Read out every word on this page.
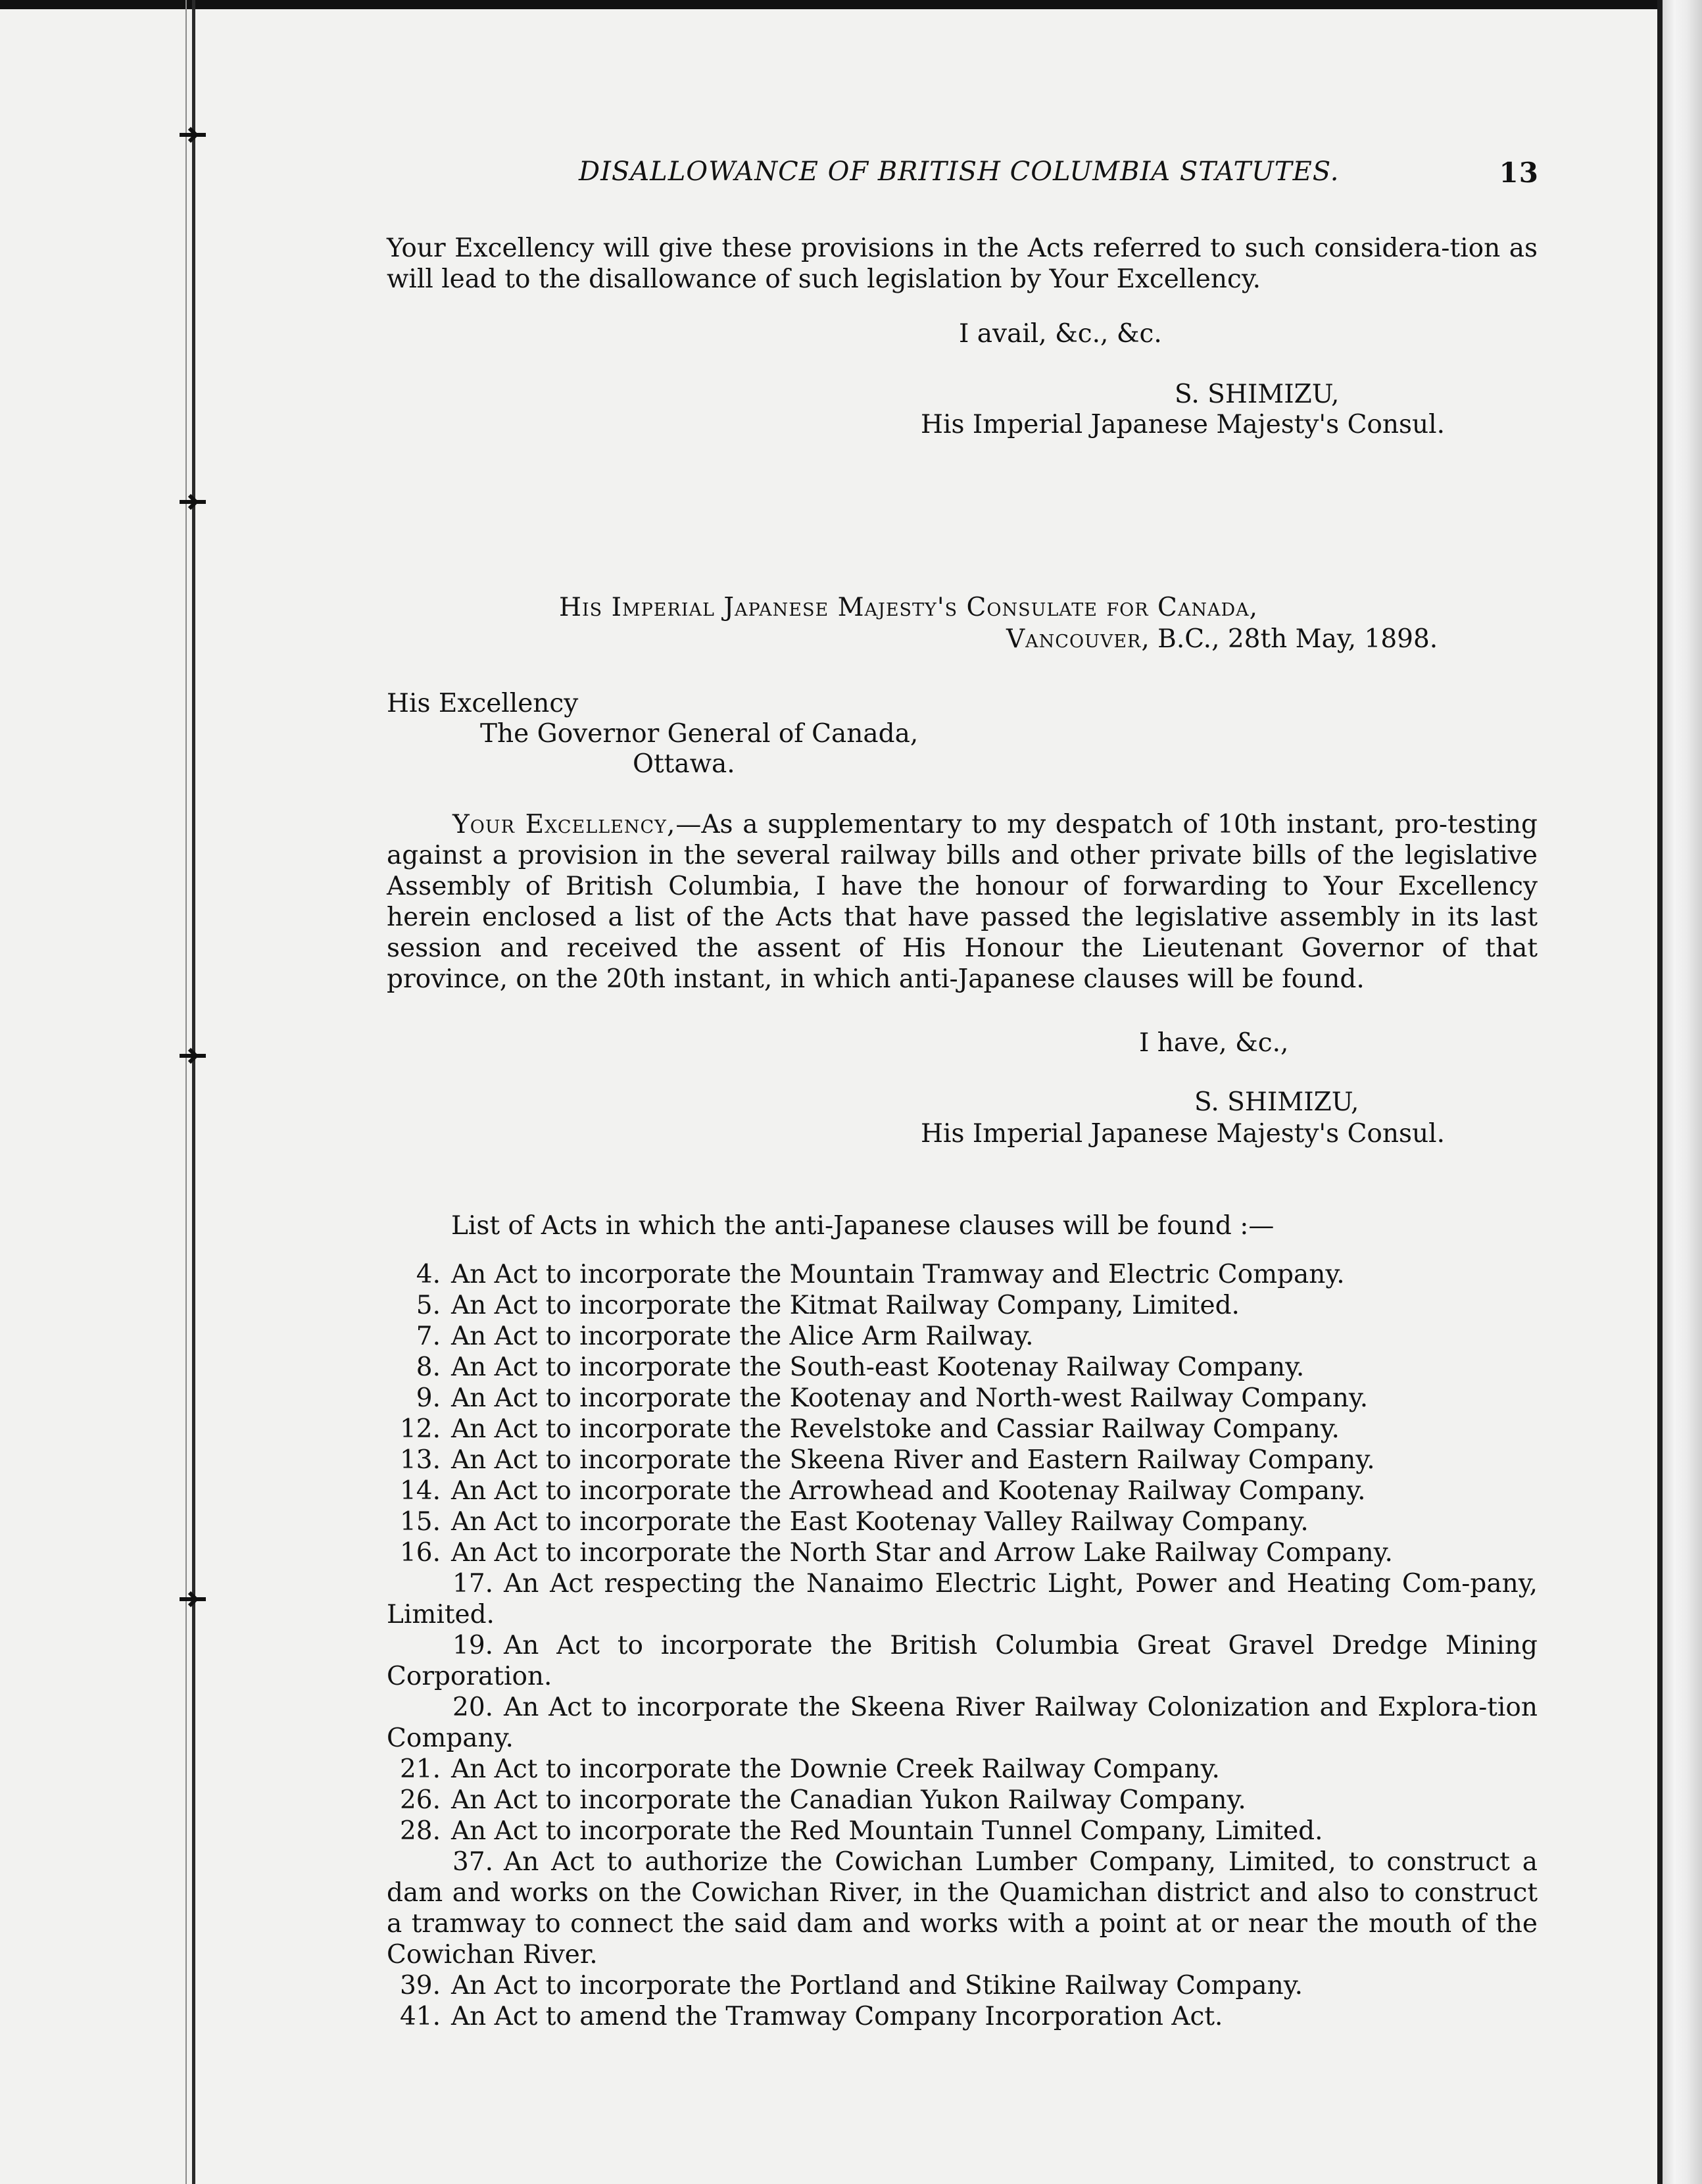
DISALLOWANCE OF BRITISH COLUMBIA STATUTES.	13
Your Excellency will give these provisions in the Acts referred to such considera-tion as will lead to the disallowance of such legislation by Your Excellency.
I avail, &c., &c.
S. SHIMIZU,
His Imperial Japanese Majesty's Consul.
His Imperial Japanese Majesty's Consulate for Canada,
Vancouver, B.C., 28th May, 1898.
His Excellency
The Governor General of Canada,
Ottawa.
Your Excellency,—As a supplementary to my despatch of 10th instant, pro-testing against a provision in the several railway bills and other private bills of the legislative Assembly of British Columbia, I have the honour of forwarding to Your Excellency herein enclosed a list of the Acts that have passed the legislative assembly in its last session and received the assent of His Honour the Lieutenant Governor of that province, on the 20th instant, in which anti-Japanese clauses will be found.
I have, &c.,
S. SHIMIZU,
His Imperial Japanese Majesty's Consul.
List of Acts in which the anti-Japanese clauses will be found :—
4. An Act to incorporate the Mountain Tramway and Electric Company.
5. An Act to incorporate the Kitmat Railway Company, Limited.
7. An Act to incorporate the Alice Arm Railway.
8. An Act to incorporate the South-east Kootenay Railway Company.
9. An Act to incorporate the Kootenay and North-west Railway Company.
12. An Act to incorporate the Revelstoke and Cassiar Railway Company.
13. An Act to incorporate the Skeena River and Eastern Railway Company.
14. An Act to incorporate the Arrowhead and Kootenay Railway Company.
15. An Act to incorporate the East Kootenay Valley Railway Company.
16. An Act to incorporate the North Star and Arrow Lake Railway Company.
17. An Act respecting the Nanaimo Electric Light, Power and Heating Com-pany, Limited.
19. An Act to incorporate the British Columbia Great Gravel Dredge Mining Corporation.
20. An Act to incorporate the Skeena River Railway Colonization and Explora-tion Company.
21. An Act to incorporate the Downie Creek Railway Company.
26. An Act to incorporate the Canadian Yukon Railway Company.
28. An Act to incorporate the Red Mountain Tunnel Company, Limited.
37. An Act to authorize the Cowichan Lumber Company, Limited, to construct a dam and works on the Cowichan River, in the Quamichan district and also to construct a tramway to connect the said dam and works with a point at or near the mouth of the Cowichan River.
39. An Act to incorporate the Portland and Stikine Railway Company.
41. An Act to amend the Tramway Company Incorporation Act.
